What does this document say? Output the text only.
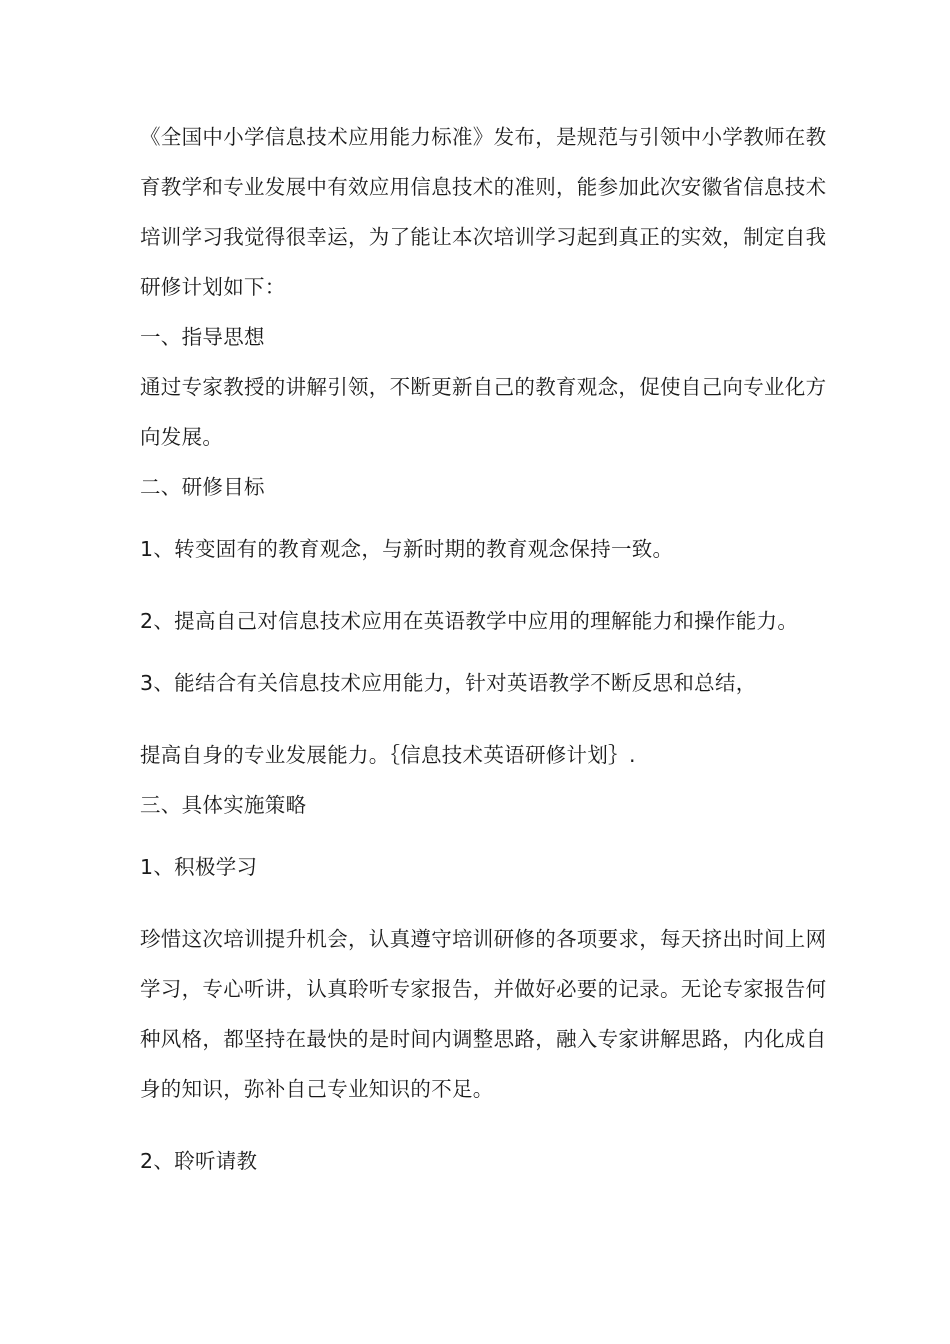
《全国中小学信息技术应用能力标准》发布，是规范与引领中小学教师在教育教学和专业发展中有效应用信息技术的准则，能参加此次安徽省信息技术培训学习我觉得很幸运，为了能让本次培训学习起到真正的实效，制定自我研修计划如下：

一、指导思想

通过专家教授的讲解引领，不断更新自己的教育观念，促使自己向专业化方向发展。

二、研修目标

1、转变固有的教育观念，与新时期的教育观念保持一致。

2、提高自己对信息技术应用在英语教学中应用的理解能力和操作能力。

3、能结合有关信息技术应用能力，针对英语教学不断反思和总结，

提高自身的专业发展能力。｛信息技术英语研修计划｝.

三、具体实施策略

1、积极学习

珍惜这次培训提升机会，认真遵守培训研修的各项要求，每天挤出时间上网学习，专心听讲，认真聆听专家报告，并做好必要的记录。无论专家报告何种风格，都坚持在最快的是时间内调整思路，融入专家讲解思路，内化成自身的知识，弥补自己专业知识的不足。

2、聆听请教
